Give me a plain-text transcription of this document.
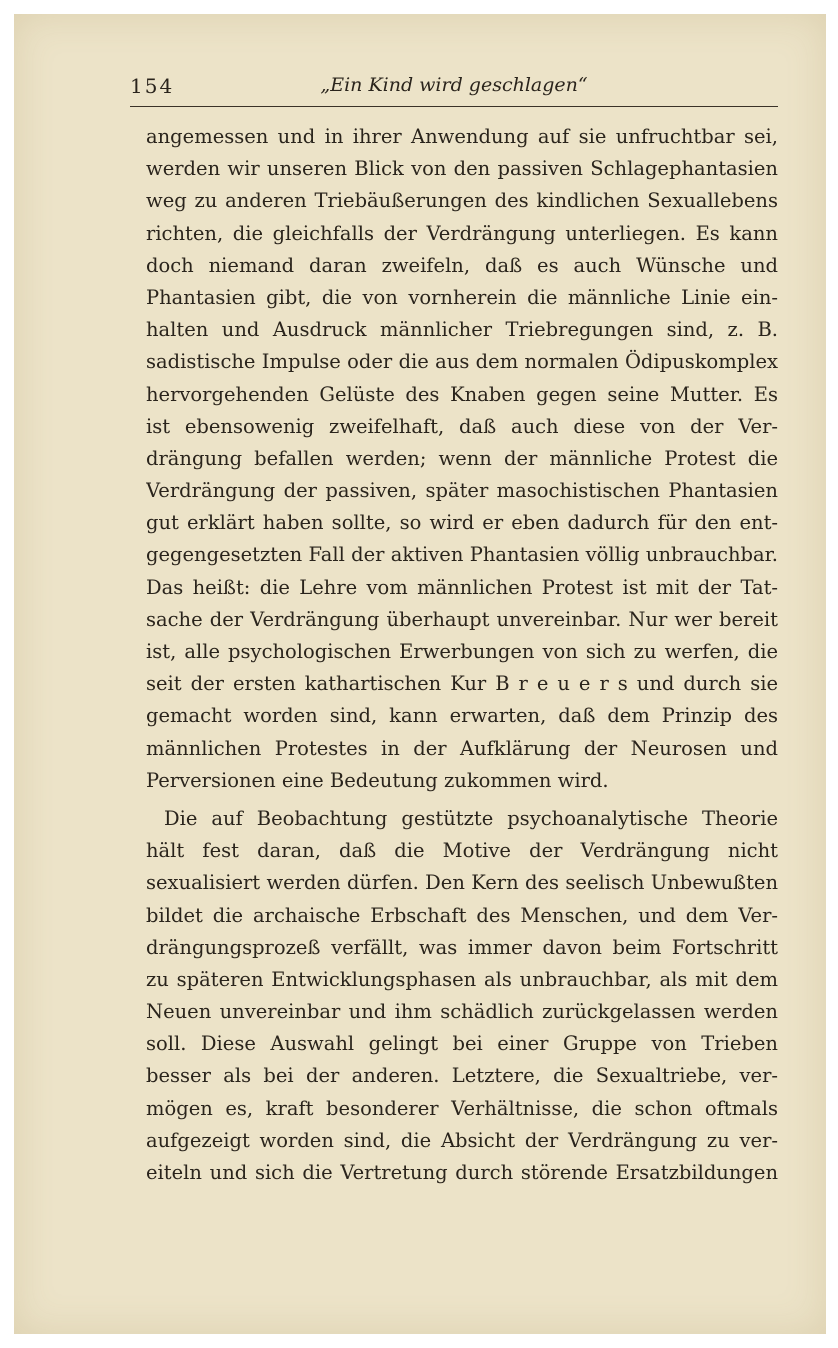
154	„Ein Kind wird geschlagen“
angemessen und in ihrer Anwendung auf sie unfruchtbar sei,
werden wir unseren Blick von den passiven Schlagephantasien
weg zu anderen Triebäußerungen des kindlichen Sexuallebens
richten, die gleichfalls der Verdrängung unterliegen. Es kann
doch niemand daran zweifeln, daß es auch Wünsche und
Phantasien gibt, die von vornherein die männliche Linie ein-
halten und Ausdruck männlicher Triebregungen sind, z. B.
sadistische Impulse oder die aus dem normalen Ödipuskomplex
hervorgehenden Gelüste des Knaben gegen seine Mutter. Es
ist ebensowenig zweifelhaft, daß auch diese von der Ver-
drängung befallen werden; wenn der männliche Protest die
Verdrängung der passiven, später masochistischen Phantasien
gut erklärt haben sollte, so wird er eben dadurch für den ent-
gegengesetzten Fall der aktiven Phantasien völlig unbrauchbar.
Das heißt: die Lehre vom männlichen Protest ist mit der Tat-
sache der Verdrängung überhaupt unvereinbar. Nur wer bereit
ist, alle psychologischen Erwerbungen von sich zu werfen, die
seit der ersten kathartischen Kur B r e u e r s und durch sie
gemacht worden sind, kann erwarten, daß dem Prinzip des
männlichen Protestes in der Aufklärung der Neurosen und
Perversionen eine Bedeutung zukommen wird.
Die auf Beobachtung gestützte psychoanalytische Theorie
hält fest daran, daß die Motive der Verdrängung nicht
sexualisiert werden dürfen. Den Kern des seelisch Unbewußten
bildet die archaische Erbschaft des Menschen, und dem Ver-
drängungsprozeß verfällt, was immer davon beim Fortschritt
zu späteren Entwicklungsphasen als unbrauchbar, als mit dem
Neuen unvereinbar und ihm schädlich zurückgelassen werden
soll. Diese Auswahl gelingt bei einer Gruppe von Trieben
besser als bei der anderen. Letztere, die Sexualtriebe, ver-
mögen es, kraft besonderer Verhältnisse, die schon oftmals
aufgezeigt worden sind, die Absicht der Verdrängung zu ver-
eiteln und sich die Vertretung durch störende Ersatzbildungen
